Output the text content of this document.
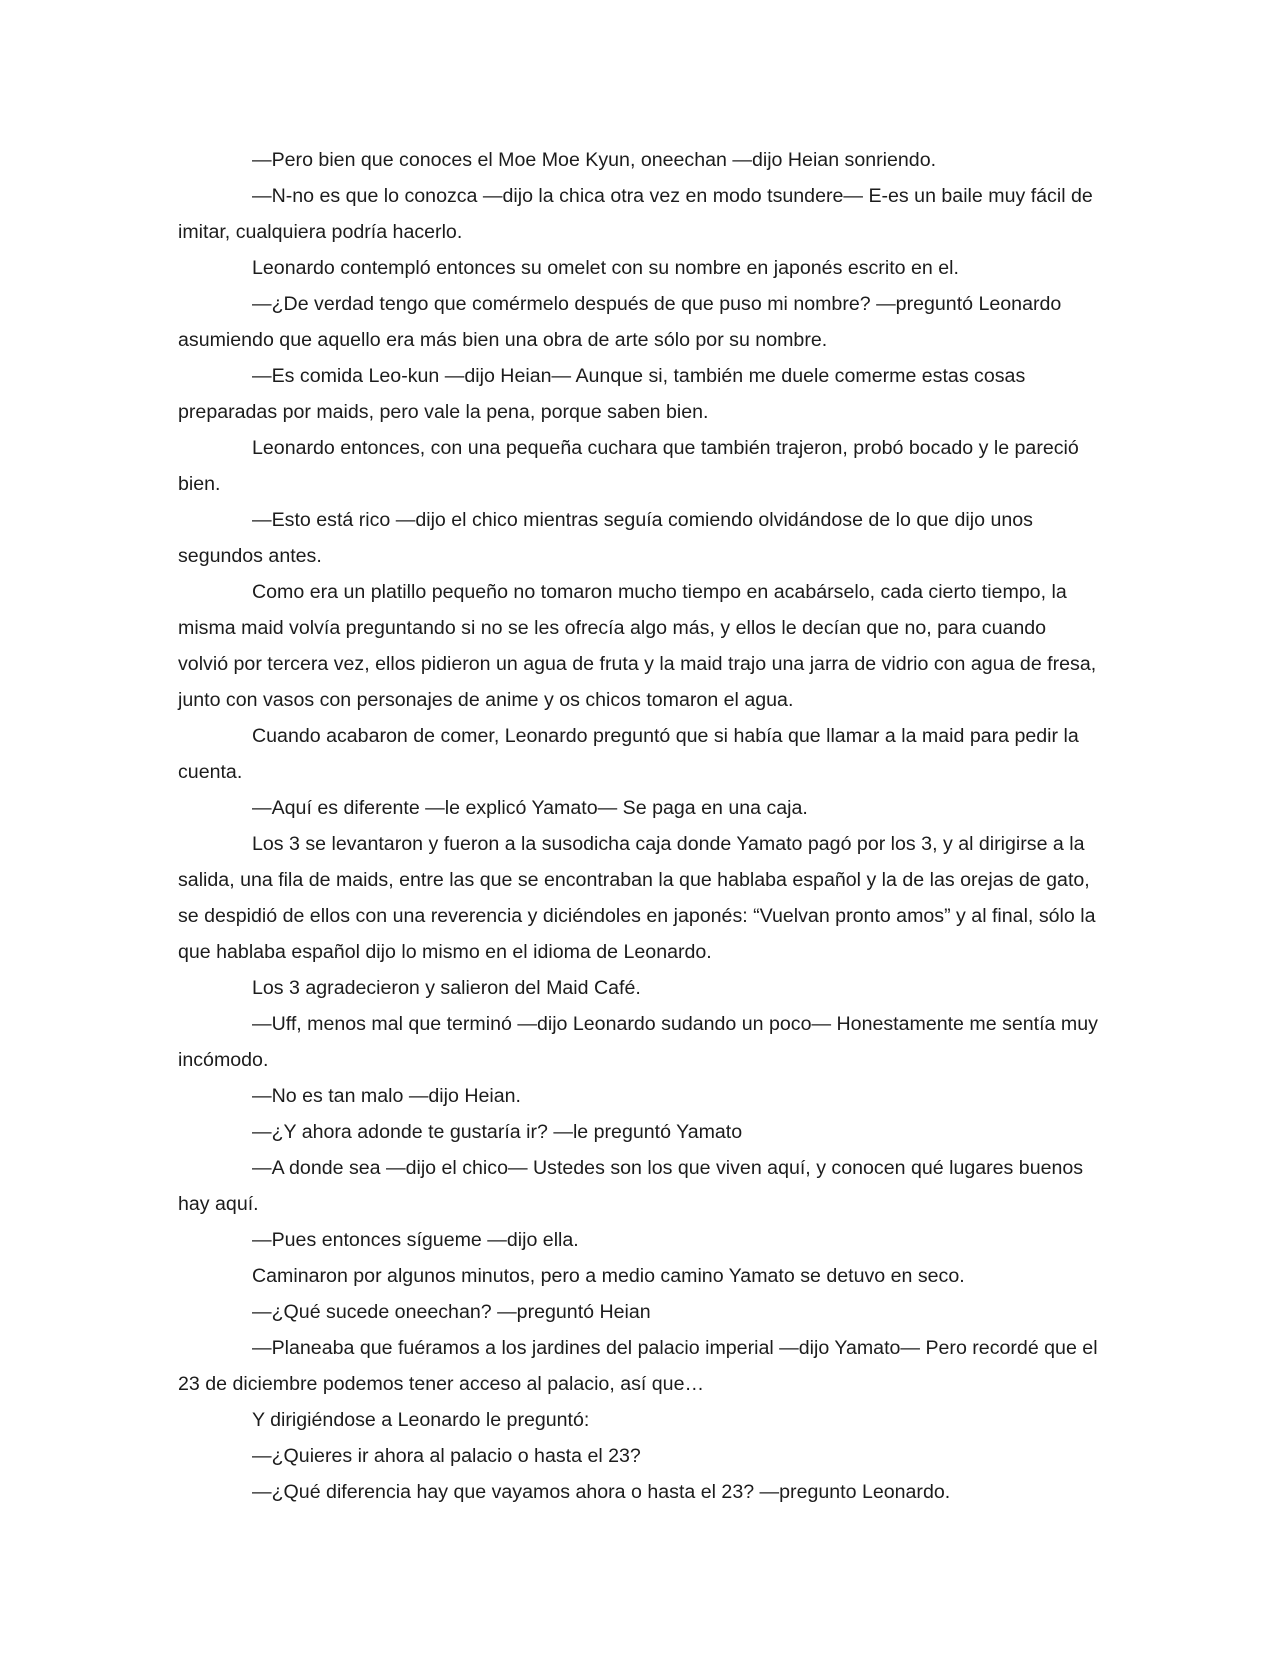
—Pero bien que conoces el Moe Moe Kyun, oneechan —dijo Heian sonriendo.

—N-no es que lo conozca —dijo la chica otra vez en modo tsundere— E-es un baile muy fácil de imitar, cualquiera podría hacerlo.

Leonardo contempló entonces su omelet con su nombre en japonés escrito en el.

—¿De verdad tengo que comérmelo después de que puso mi nombre? —preguntó Leonardo asumiendo que aquello era más bien una obra de arte sólo por su nombre.

—Es comida Leo-kun —dijo Heian— Aunque si, también me duele comerme estas cosas preparadas por maids, pero vale la pena, porque saben bien.

Leonardo entonces, con una pequeña cuchara que también trajeron, probó bocado y le pareció bien.

—Esto está rico —dijo el chico mientras seguía comiendo olvidándose de lo que dijo unos segundos antes.

Como era un platillo pequeño no tomaron mucho tiempo en acabárselo, cada cierto tiempo, la misma maid volvía preguntando si no se les ofrecía algo más, y ellos le decían que no, para cuando volvió por tercera vez, ellos pidieron un agua de fruta y la maid trajo una jarra de vidrio con agua de fresa, junto con vasos con personajes de anime y os chicos tomaron el agua.

Cuando acabaron de comer, Leonardo preguntó que si había que llamar a la maid para pedir la cuenta.

—Aquí es diferente —le explicó Yamato— Se paga en una caja.

Los 3 se levantaron y fueron a la susodicha caja donde Yamato pagó por los 3, y al dirigirse a la salida, una fila de maids, entre las que se encontraban la que hablaba español y la de las orejas de gato, se despidió de ellos con una reverencia y diciéndoles en japonés: “Vuelvan pronto amos” y al final, sólo la que hablaba español dijo lo mismo en el idioma de Leonardo.

Los 3 agradecieron y salieron del Maid Café.

—Uff, menos mal que terminó —dijo Leonardo sudando un poco— Honestamente me sentía muy incómodo.

—No es tan malo —dijo Heian.

—¿Y ahora adonde te gustaría ir? —le preguntó Yamato

—A donde sea —dijo el chico— Ustedes son los que viven aquí, y conocen qué lugares buenos hay aquí.

—Pues entonces sígueme —dijo ella.

Caminaron por algunos minutos, pero a medio camino Yamato se detuvo en seco.

—¿Qué sucede oneechan? —preguntó Heian

—Planeaba que fuéramos a los jardines del palacio imperial —dijo Yamato— Pero recordé que el 23 de diciembre podemos tener acceso al palacio, así que…

Y dirigiéndose a Leonardo le preguntó:

—¿Quieres ir ahora al palacio o hasta el 23?

—¿Qué diferencia hay que vayamos ahora o hasta el 23? —pregunto Leonardo.
